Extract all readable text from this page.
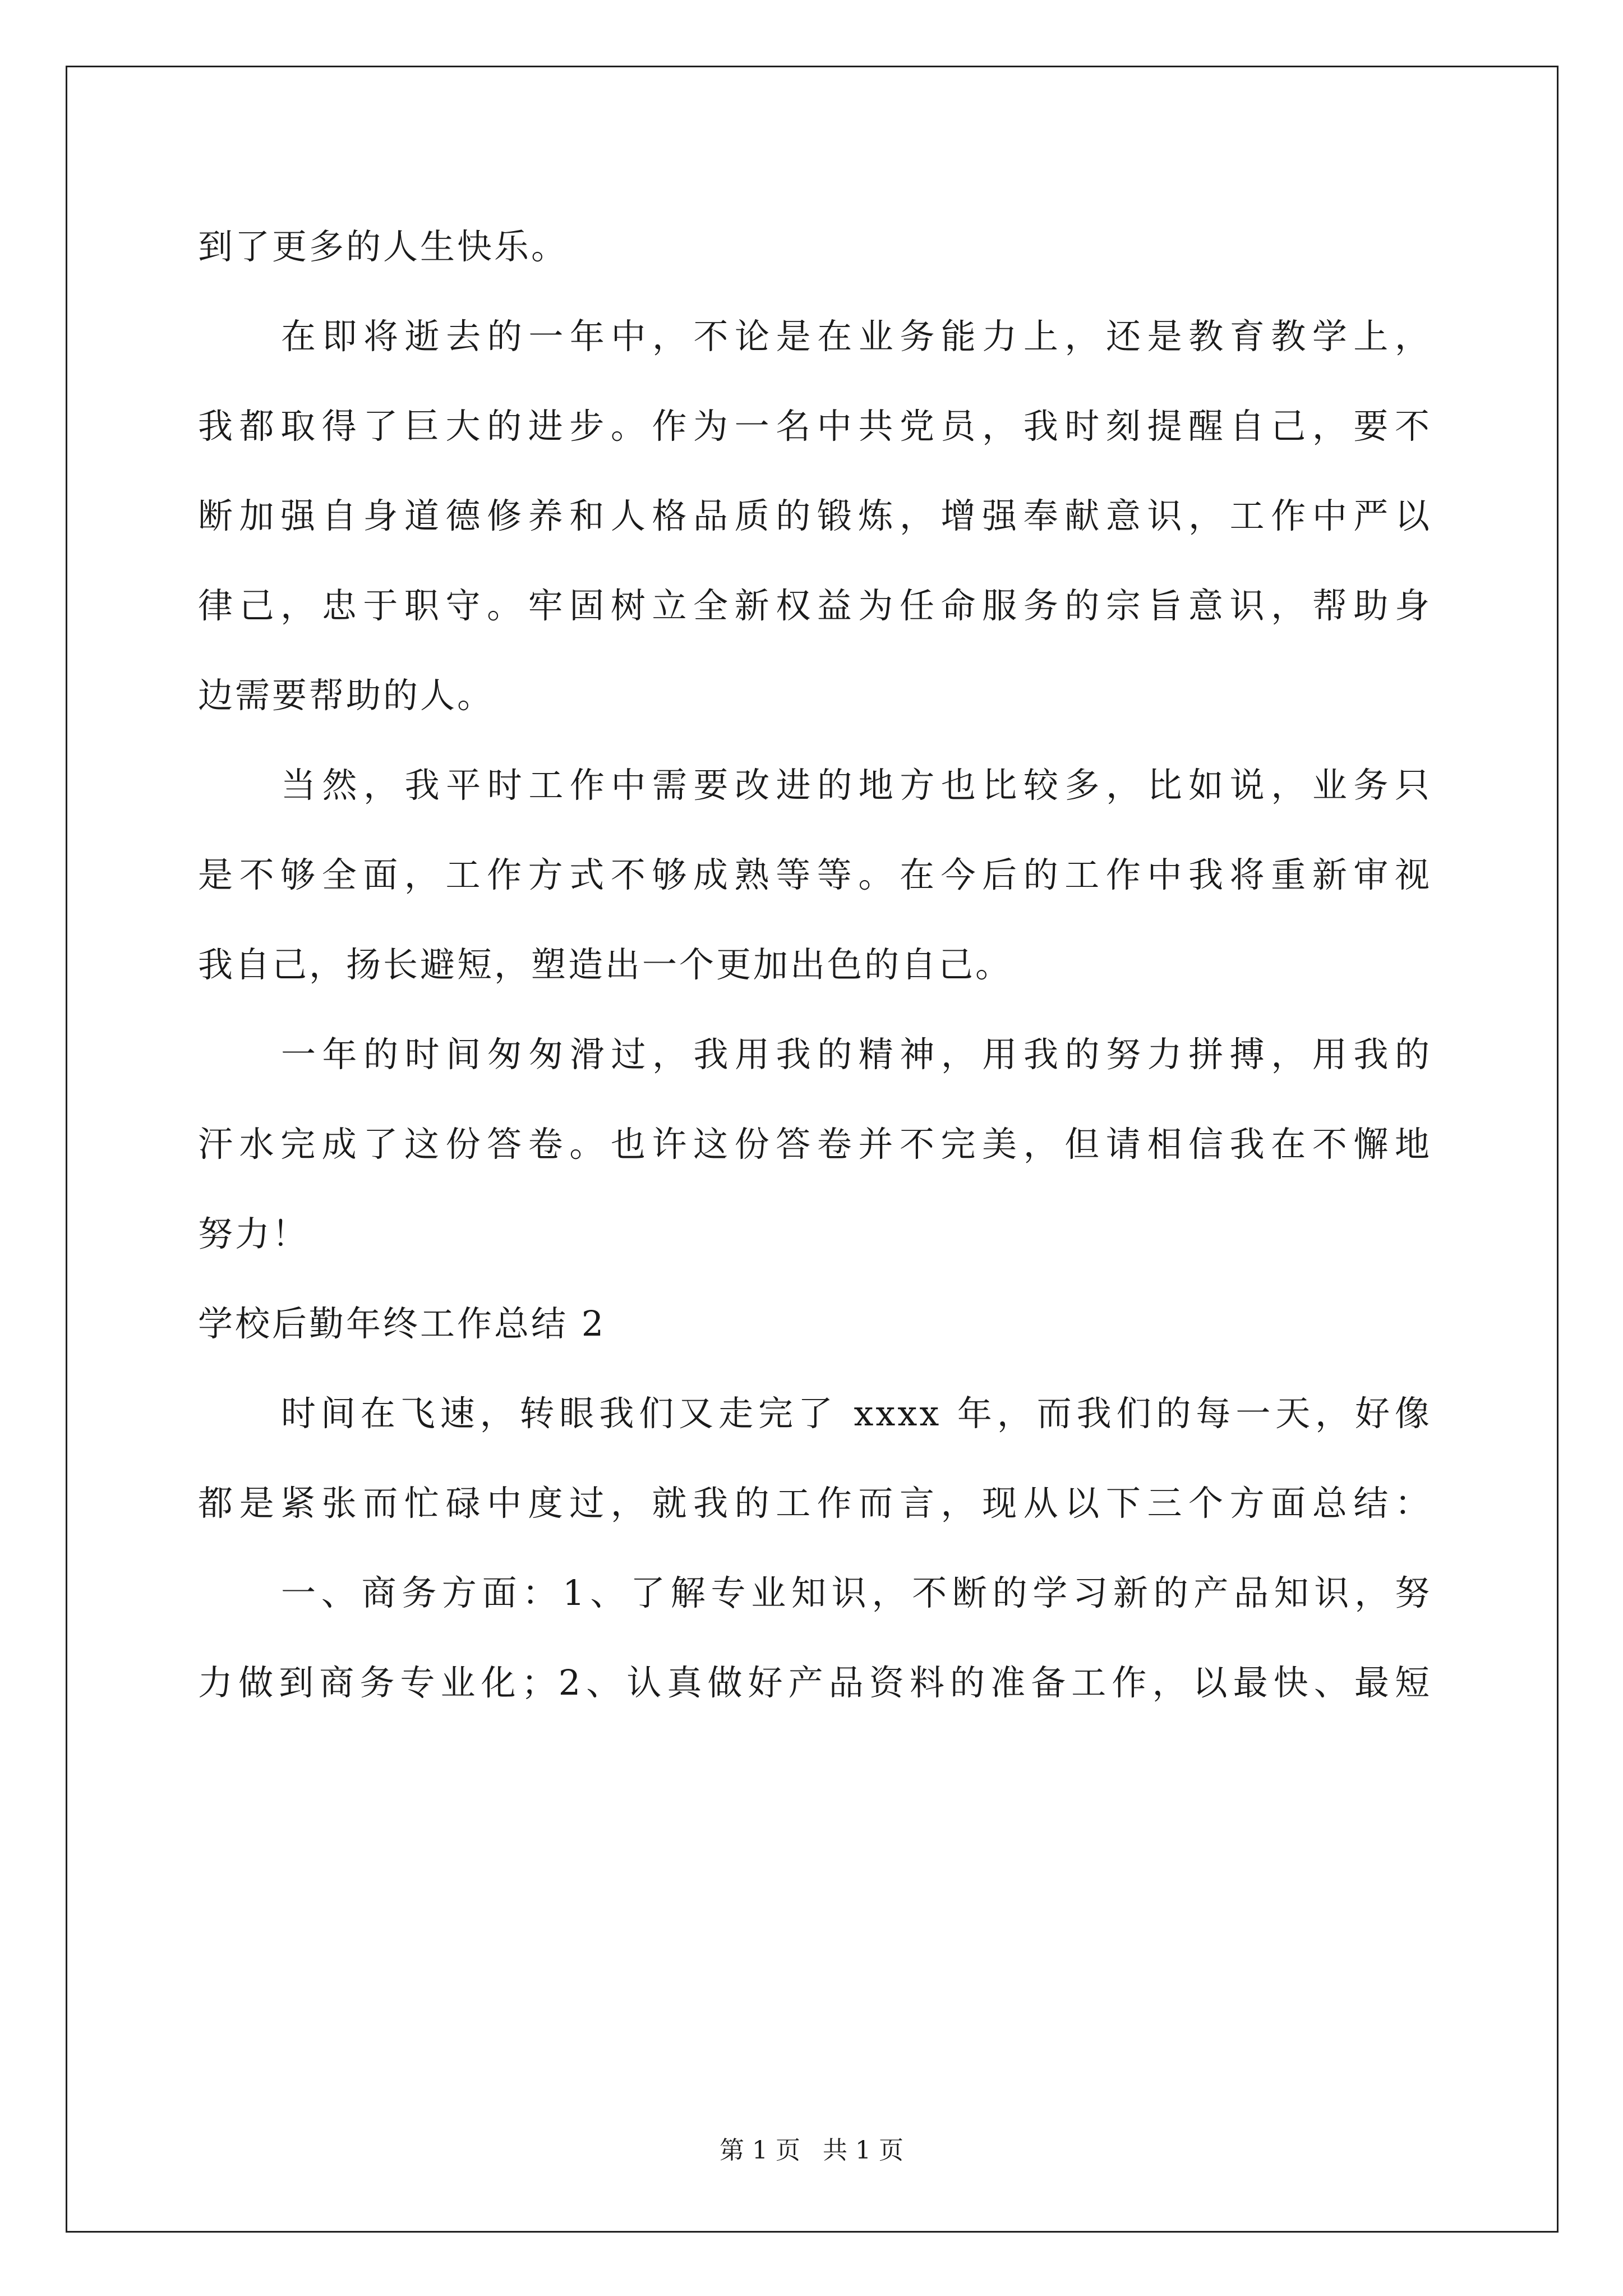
到了更多的人生快乐。
在即将逝去的一年中，不论是在业务能力上，还是教育教学上，
我都取得了巨大的进步。作为一名中共党员，我时刻提醒自己，要不
断加强自身道德修养和人格品质的锻炼，增强奉献意识，工作中严以
律己，忠于职守。牢固树立全新权益为任命服务的宗旨意识，帮助身
边需要帮助的人。
当然，我平时工作中需要改进的地方也比较多，比如说，业务只
是不够全面，工作方式不够成熟等等。在今后的工作中我将重新审视
我自己，扬长避短，塑造出一个更加出色的自己。
一年的时间匆匆滑过，我用我的精神，用我的努力拼搏，用我的
汗水完成了这份答卷。也许这份答卷并不完美，但请相信我在不懈地
努力！
学校后勤年终工作总结 2
时间在飞速，转眼我们又走完了 xxxx 年，而我们的每一天，好像
都是紧张而忙碌中度过，就我的工作而言，现从以下三个方面总结：
一、商务方面：1、了解专业知识，不断的学习新的产品知识，努
力做到商务专业化；2、认真做好产品资料的准备工作，以最快、最短
第 1 页 共 1 页
